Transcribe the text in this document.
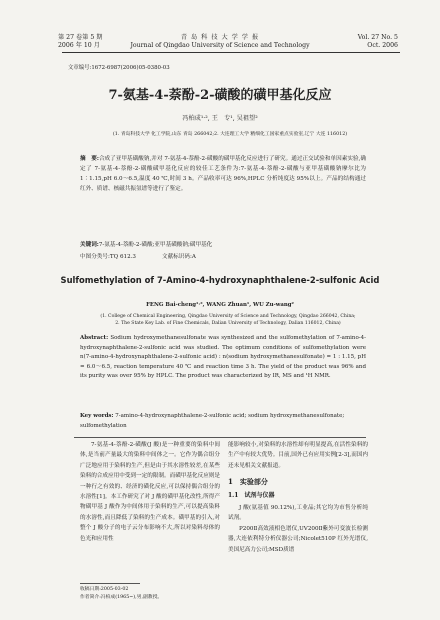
第 27 卷第 5 期
2006 年 10 月
青 岛 科 技 大 学 学 报
Journal of Qingdao University of Science and Technology
Vol. 27 No. 5
Oct. 2006
文章编号:1672-6987(2006)05-0380-03
7-氨基-4-萘酚-2-磺酸的磺甲基化反应
冯柏成¹·², 王　专¹, 吴祖望²
(1. 青岛科技大学 化工学院,山东 青岛 266042;2. 大连理工大学 精细化工国家重点实验室,辽宁 大连 116012)
摘　要:合成了亚甲基磺酸钠,并对 7-氨基-4-萘酚-2-磺酸的磺甲基化反应进行了研究。通过正交试验和单因素实验,确定了 7-氨基-4-萘酚-2-磺酸磺甲基化反应的较佳工艺条件为:7-氨基-4-萘酚-2-磺酸与亚甲基磺酸钠摩尔比为 1∶1.15,pH 6.0～6.5,温度 40 ℃,时间 3 h。产品收率可达 96%,HPLC 分析纯度达 95%以上。产品的结构通过红外、质谱、核磁共振氢谱等进行了鉴定。
关键词:7-氨基-4-萘酚-2-磺酸;亚甲基磺酸钠;磺甲基化
中图分类号:TQ 612.3	文献标识码:A
Sulfomethylation of 7-Amino-4-hydroxynaphthalene-2-sulfonic Acid
FENG Bai-cheng¹·², WANG Zhuan¹, WU Zu-wang²
(1. College of Chemical Engineering, Qingdao University of Science and Technology, Qingdao 266042, China;
2. The State Key Lab. of Fine Chemicals, Dalian University of Technology, Dalian 116012, China)
Abstract: Sodium hydroxymethanesulfonate was synthesized and the sulfomethylation of 7-amino-4-hydroxynaphthalene-2-sulfonic acid was studied. The optimum conditions of sulfomethylation were n(7-amino-4-hydroxynaphthalene-2-sulfonic acid) : n(sodium hydroxymethanesulfonate) = 1 : 1.15, pH = 6.0～6.5, reaction temperature 40 ℃ and reaction time 3 h. The yield of the product was 96% and its purity was over 95% by HPLC. The product was characterized by IR, MS and ¹H NMR.
Key words: 7-amino-4-hydroxynaphthalene-2-sulfonic acid; sodium hydroxymethanesulfonate; sulfomethylation
7-氨基-4-萘酚-2-磺酸(J 酸)是一种重要的染料中间体,是当前产量最大的染料中间体之一。它作为偶合组分广泛地应用于染料的生产,但是由于其水溶性较差,在某些染料的合成应用中受到一定的限制。而磺甲基化反应则是一种行之有效的、经济的磺化反应,可以保持偶合组分的水溶性[1]。本工作研究了对 J 酸的磺甲基化改性,所得产物磺甲基 J 酸作为中间体用于染料的生产,可以提高染料的水溶性,而且降低了染料的生产成本。磺甲基的引入,对整个 J 酸分子的电子云分布影响不大,所以对染料母体的色光和应用性
能影响较小,对染料的水溶性却有明显提高,在活性染料的生产中有较大优势。目前,国外已有应用实例[2-3],而国内还未见相关文献报道。
1　实验部分
1.1　试剂与仪器
J 酸(氨基值 90.12%),工业品;其它均为市售分析纯试剂。
P200Ⅱ高效液相色谱仪,UV200Ⅱ紫外可变波长检测器,大连依利特分析仪器公司;Nicolet510P 红外光谱仪,美国尼高力公司;MSD质谱
收稿日期:2005-03-02
作者简介:冯柏成(1965~),男,副教授。
